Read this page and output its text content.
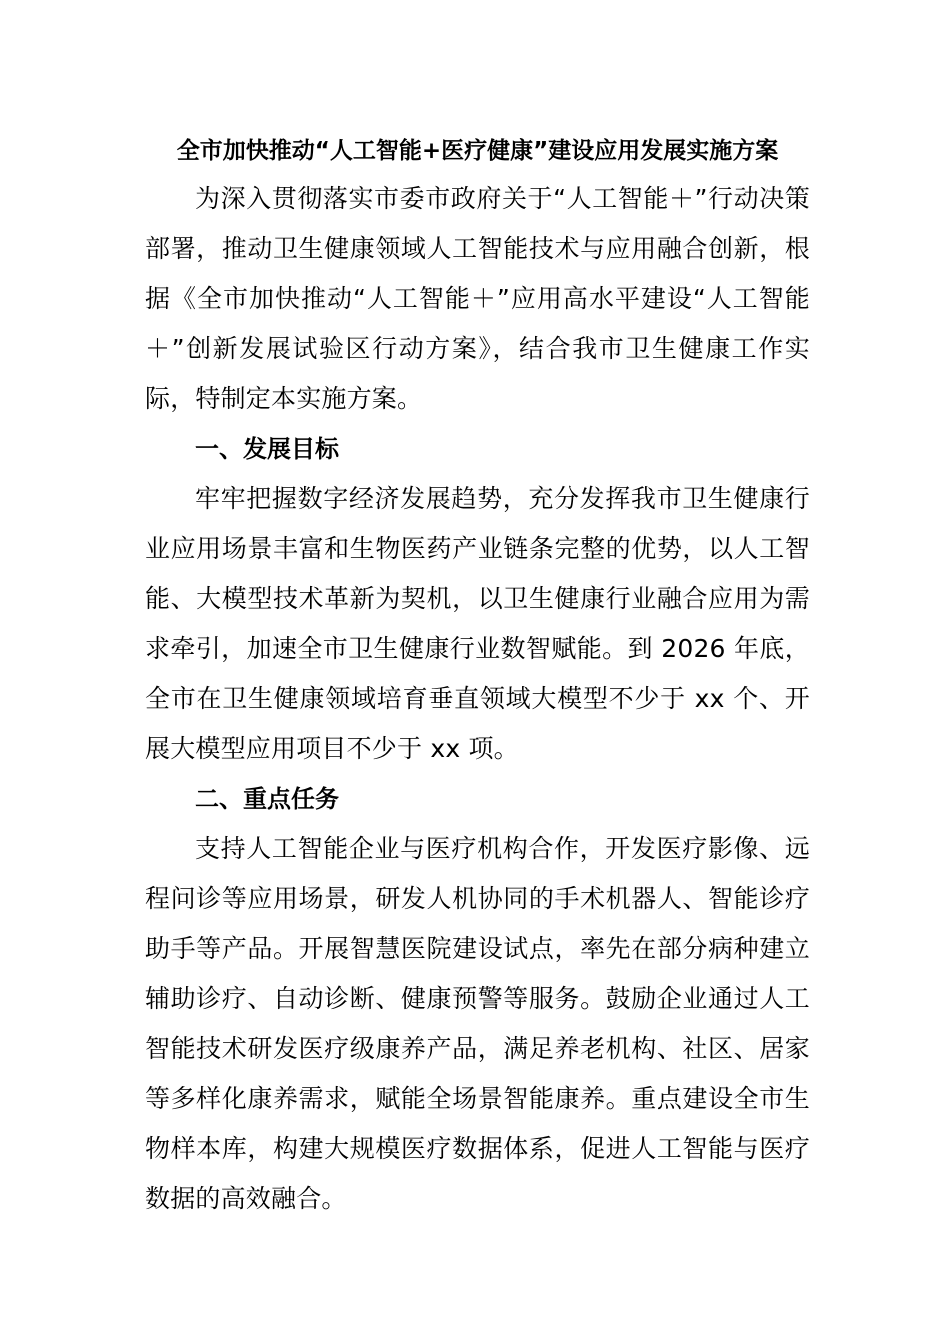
全市加快推动“人工智能+医疗健康”建设应用发展实施方案

为深入贯彻落实市委市政府关于“人工智能＋”行动决策部署，推动卫生健康领域人工智能技术与应用融合创新，根据《全市加快推动“人工智能＋”应用高水平建设“人工智能＋”创新发展试验区行动方案》，结合我市卫生健康工作实际，特制定本实施方案。

一、发展目标

牢牢把握数字经济发展趋势，充分发挥我市卫生健康行业应用场景丰富和生物医药产业链条完整的优势，以人工智能、大模型技术革新为契机，以卫生健康行业融合应用为需求牵引，加速全市卫生健康行业数智赋能。到 2026 年底，全市在卫生健康领域培育垂直领域大模型不少于 xx 个、开展大模型应用项目不少于 xx 项。

二、重点任务

支持人工智能企业与医疗机构合作，开发医疗影像、远程问诊等应用场景，研发人机协同的手术机器人、智能诊疗助手等产品。开展智慧医院建设试点，率先在部分病种建立辅助诊疗、自动诊断、健康预警等服务。鼓励企业通过人工智能技术研发医疗级康养产品，满足养老机构、社区、居家等多样化康养需求，赋能全场景智能康养。重点建设全市生物样本库，构建大规模医疗数据体系，促进人工智能与医疗数据的高效融合。
